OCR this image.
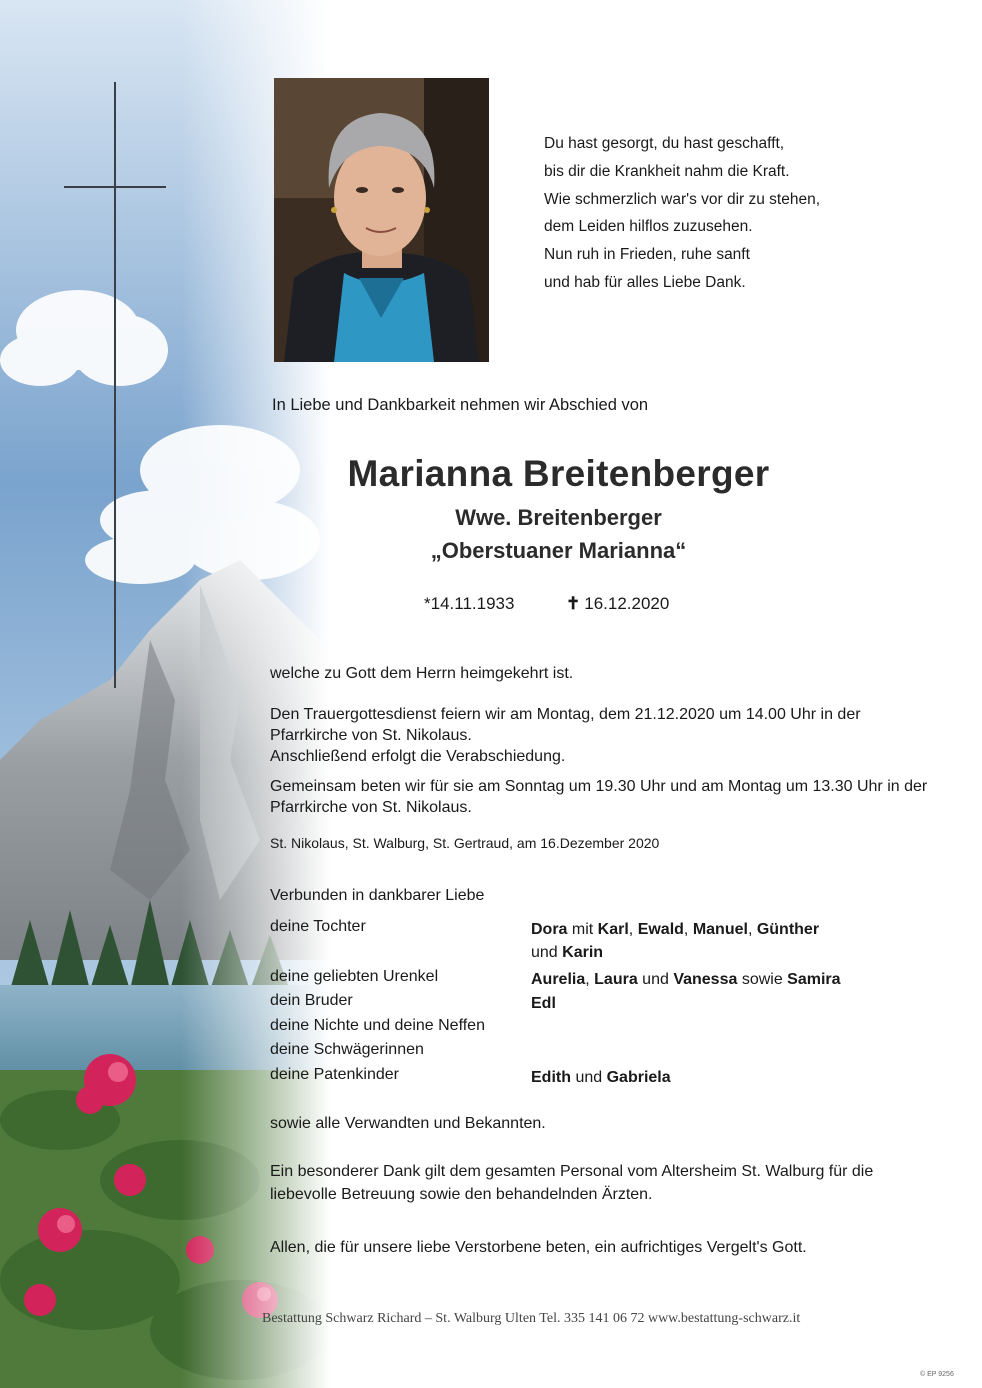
Du hast gesorgt, du hast geschafft,
bis dir die Krankheit nahm die Kraft.
Wie schmerzlich war's vor dir zu stehen,
dem Leiden hilflos zuzusehen.
Nun ruh in Frieden, ruhe sanft
und hab für alles Liebe Dank.
In Liebe und Dankbarkeit nehmen wir Abschied von
Marianna Breitenberger
Wwe. Breitenberger
„Oberstuaner Marianna“
*14.11.1933	✝ 16.12.2020
welche zu Gott dem Herrn heimgekehrt ist.
Den Trauergottesdienst feiern wir am Montag, dem 21.12.2020 um 14.00 Uhr in der Pfarrkirche von St. Nikolaus.
Anschließend erfolgt die Verabschiedung.
Gemeinsam beten wir für sie am Sonntag um 19.30 Uhr und am Montag um 13.30 Uhr in der Pfarrkirche von St. Nikolaus.
St. Nikolaus, St. Walburg, St. Gertraud, am 16.Dezember 2020
Verbunden in dankbarer Liebe
deine Tochter
deine geliebten Urenkel
dein Bruder
deine Nichte und deine Neffen
deine Schwägerinnen
deine Patenkinder
Dora mit Karl, Ewald, Manuel, Günther
und Karin
Aurelia, Laura und Vanessa sowie Samira
Edl
Edith und Gabriela
sowie alle Verwandten und Bekannten.
Ein besonderer Dank gilt dem gesamten Personal vom Altersheim St. Walburg für die liebevolle Betreuung sowie den behandelnden Ärzten.
Allen, die für unsere liebe Verstorbene beten, ein aufrichtiges Vergelt's Gott.
Bestattung Schwarz Richard – St. Walburg Ulten Tel. 335 141 06 72 www.bestattung-schwarz.it
© EP 9256
